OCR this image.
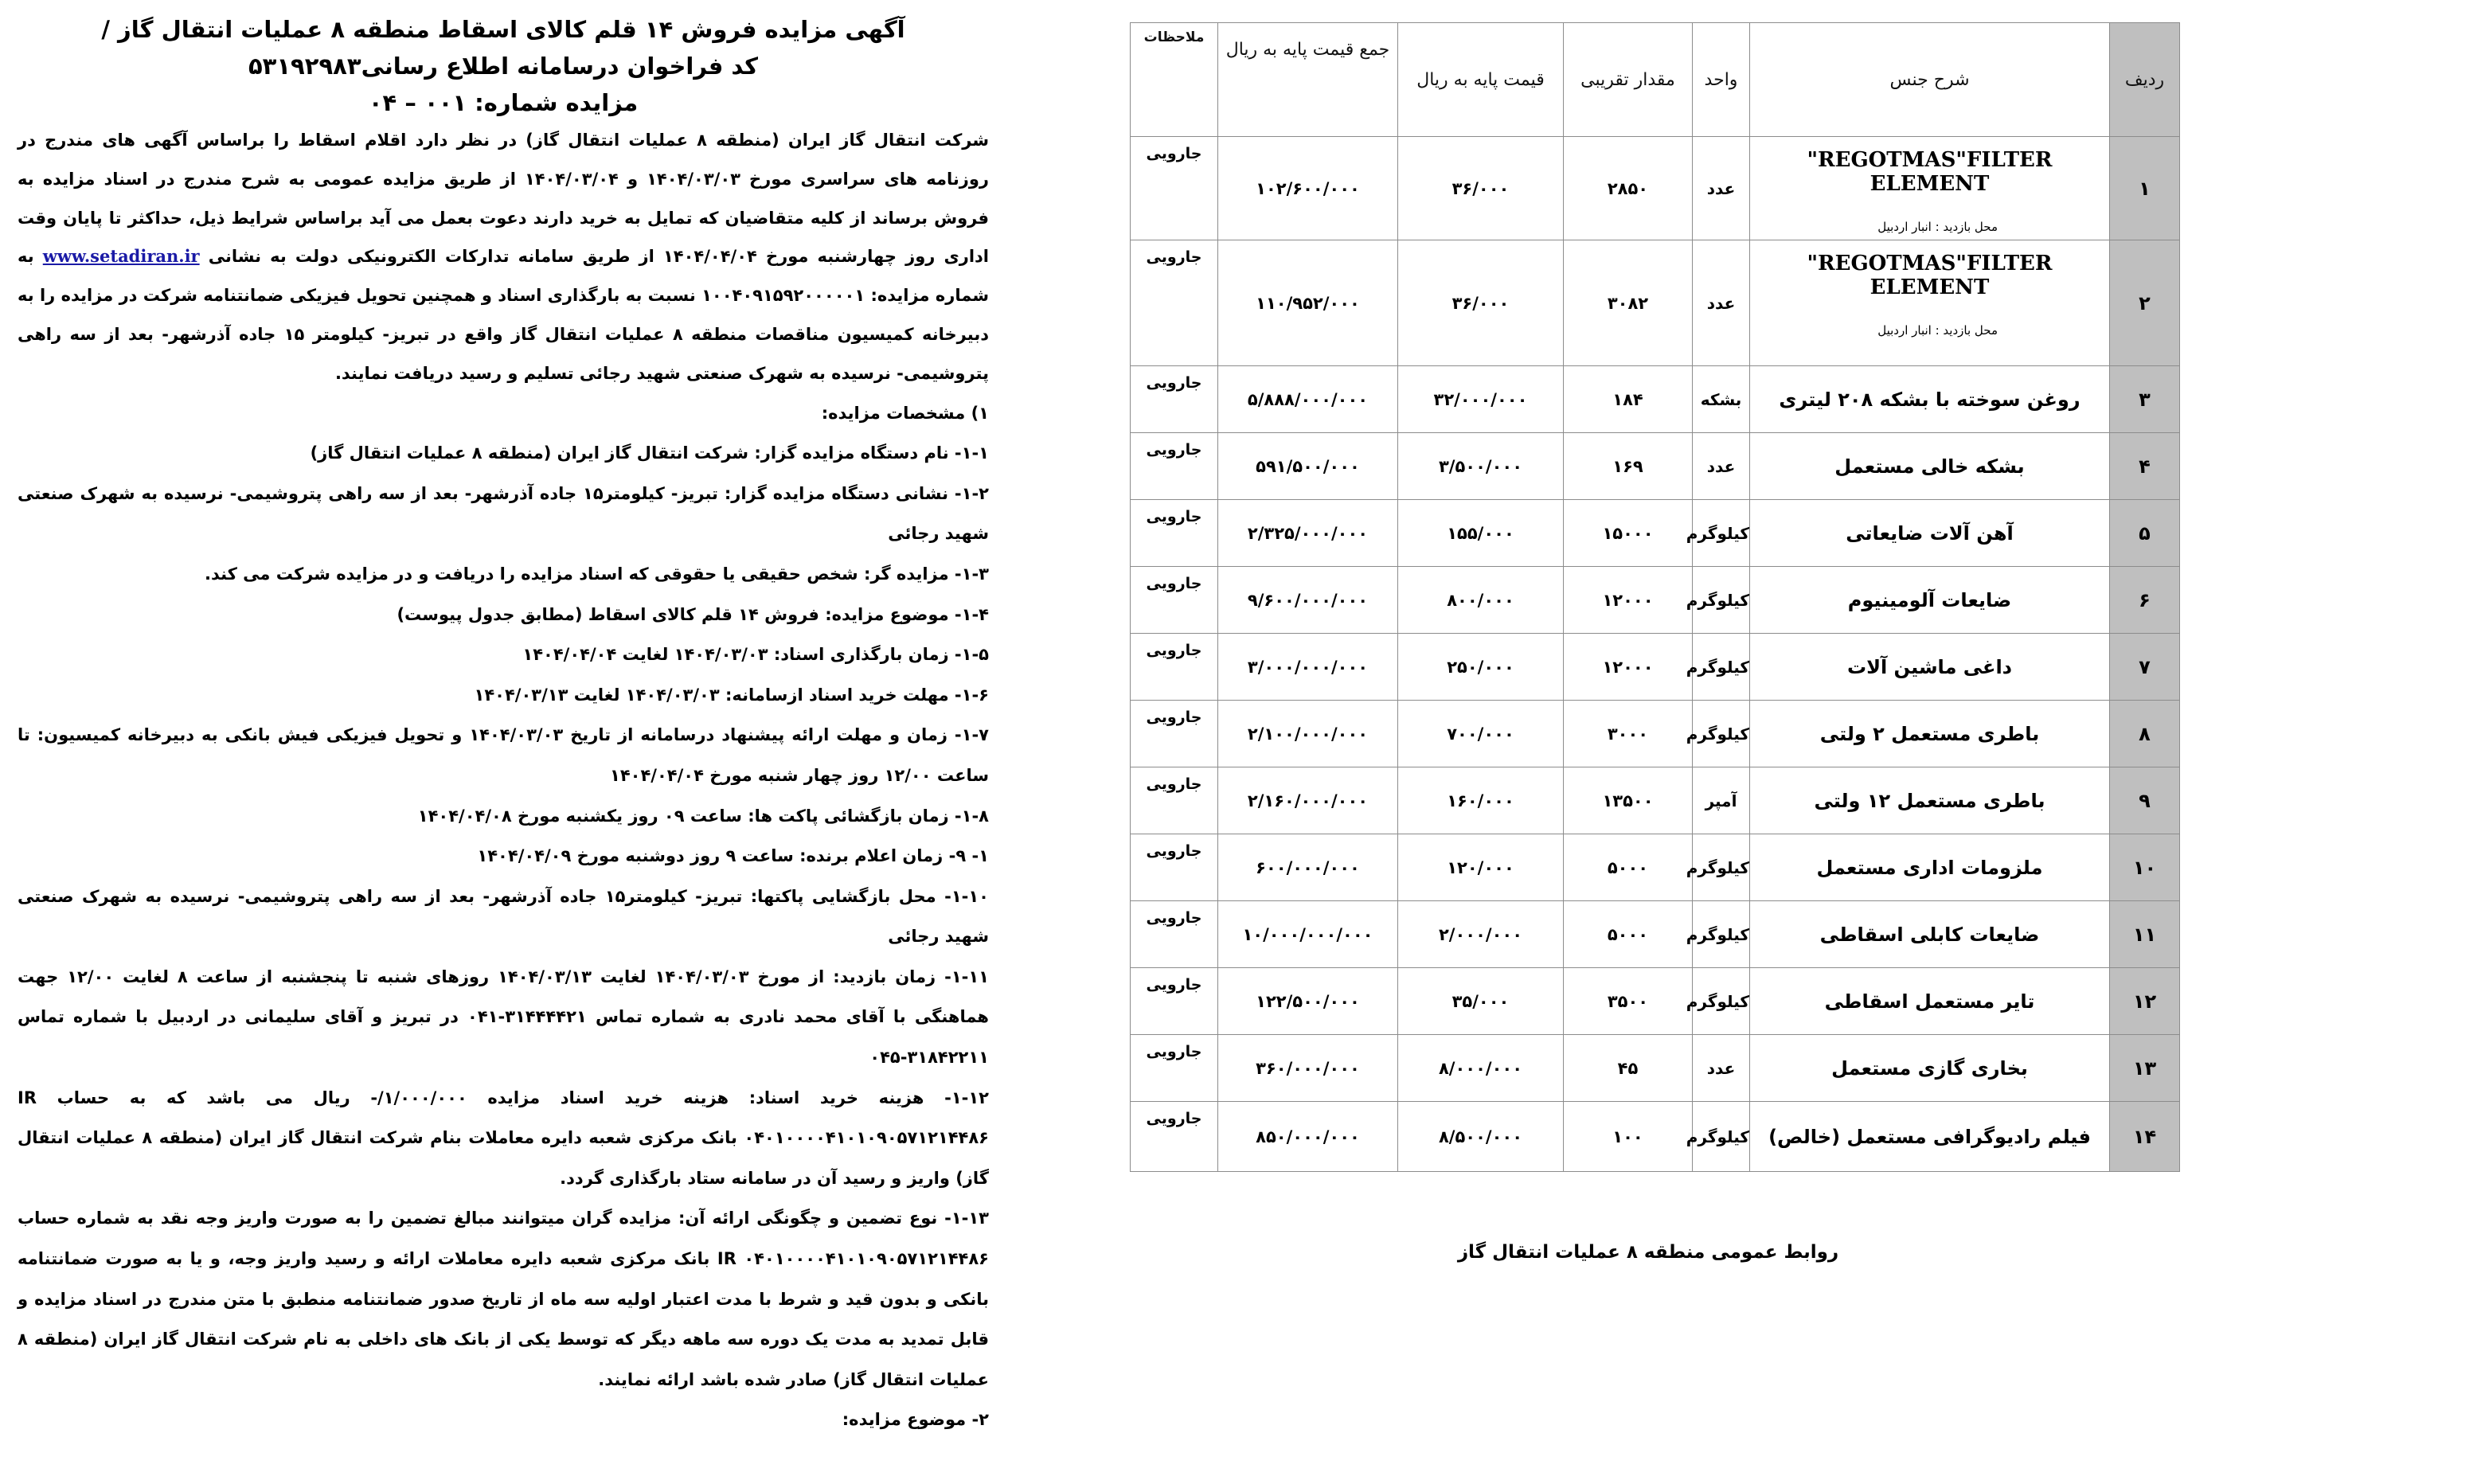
آگهی مزایده فروش ۱۴ قلم کالای اسقاط منطقه ۸ عملیات انتقال گاز /
کد فراخوان درسامانه اطلاع رسانی۵۳۱۹۲۹۸۳
مزایده شماره: ۰۰۱ – ۰۴

شرکت انتقال گاز ایران (منطقه ۸ عملیات انتقال گاز) در نظر دارد اقلام اسقاط را براساس آگهی های مندرج در روزنامه های سراسری مورخ ۱۴۰۴/۰۳/۰۳ و ۱۴۰۴/۰۳/۰۴ از طریق مزایده عمومی به شرح مندرج در اسناد مزایده به فروش برساند از کلیه متقاضیان که تمایل به خرید دارند دعوت بعمل می آید براساس شرایط ذیل، حداکثر تا پایان وقت اداری روز چهارشنبه مورخ ۱۴۰۴/۰۴/۰۴ از طریق سامانه تدارکات الکترونیکی دولت به نشانی www.setadiran.ir به شماره مزایده: ۱۰۰۴۰۹۱۵۹۲۰۰۰۰۰۱ نسبت به بارگذاری اسناد و همچنین تحویل فیزیکی ضمانتنامه شرکت در مزایده را به دبیرخانه کمیسیون مناقصات منطقه ۸ عملیات انتقال گاز واقع در تبریز- کیلومتر ۱۵ جاده آذرشهر- بعد از سه راهی پتروشیمی- نرسیده به شهرک صنعتی شهید رجائی تسلیم و رسید دریافت نمایند.

۱) مشخصات مزایده:

۱-۱- نام دستگاه مزایده گزار: شرکت انتقال گاز ایران (منطقه ۸ عملیات انتقال گاز)

۱-۲- نشانی دستگاه مزایده گزار: تبریز- کیلومتر۱۵ جاده آذرشهر- بعد از سه راهی پتروشیمی- نرسیده به شهرک صنعتی شهید رجائی

۱-۳- مزایده گر: شخص حقیقی یا حقوقی که اسناد مزایده را دریافت و در مزایده شرکت می کند.

۱-۴- موضوع مزایده: فروش ۱۴ قلم کالای اسقاط (مطابق جدول پیوست)

۱-۵- زمان بارگذاری اسناد: ۱۴۰۴/۰۳/۰۳ لغایت ۱۴۰۴/۰۴/۰۴

۱-۶- مهلت خرید اسناد ازسامانه: ۱۴۰۴/۰۳/۰۳ لغایت ۱۴۰۴/۰۳/۱۳

۱-۷- زمان و مهلت ارائه پیشنهاد درسامانه از تاریخ ۱۴۰۴/۰۳/۰۳ و تحویل فیزیکی فیش بانکی به دبیرخانه کمیسیون: تا ساعت ۱۲/۰۰ روز چهار شنبه مورخ ۱۴۰۴/۰۴/۰۴

۱-۸- زمان بازگشائی پاکت ها: ساعت ۰۹ روز یکشنبه مورخ ۱۴۰۴/۰۴/۰۸

۱- ۹- زمان اعلام برنده: ساعت ۹ روز دوشنبه مورخ ۱۴۰۴/۰۴/۰۹

۱-۱۰- محل بازگشایی پاکتها: تبریز- کیلومتر۱۵ جاده آذرشهر- بعد از سه راهی پتروشیمی- نرسیده به شهرک صنعتی شهید رجائی

۱-۱۱- زمان بازدید: از مورخ ۱۴۰۴/۰۳/۰۳ لغایت ۱۴۰۴/۰۳/۱۳ روزهای شنبه تا پنجشنبه از ساعت ۸ لغایت ۱۲/۰۰ جهت هماهنگی با آقای محمد نادری به شماره تماس ۳۱۴۴۴۴۲۱-۰۴۱ در تبریز و آقای سلیمانی در اردبیل با شماره تماس ۳۱۸۴۲۲۱۱-۰۴۵

۱-۱۲- هزینه خرید اسناد: هزینه خرید اسناد مزایده ۱/۰۰۰/۰۰۰/- ریال می باشد که به حساب IR ۰۴۰۱۰۰۰۰۴۱۰۱۰۹۰۵۷۱۲۱۴۴۸۶ بانک مرکزی شعبه دایره معاملات بنام شرکت انتقال گاز ایران (منطقه ۸ عملیات انتقال گاز) واریز و رسید آن در سامانه ستاد بارگذاری گردد.

۱-۱۳- نوع تضمین و چگونگی ارائه آن: مزایده گران میتوانند مبالغ تضمین را به صورت واریز وجه نقد به شماره حساب IR ۰۴۰۱۰۰۰۰۴۱۰۱۰۹۰۵۷۱۲۱۴۴۸۶ بانک مرکزی شعبه دایره معاملات ارائه و رسید واریز وجه، و یا به صورت ضمانتنامه بانکی و بدون قید و شرط با مدت اعتبار اولیه سه ماه از تاریخ صدور ضمانتنامه منطبق با متن مندرج در اسناد مزایده و قابل تمدید به مدت یک دوره سه ماهه دیگر که توسط یکی از بانک های داخلی به نام شرکت انتقال گاز ایران (منطقه ۸ عملیات انتقال گاز) صادر شده باشد ارائه نمایند.

۲- موضوع مزایده:

ردیف	شرح جنس	واحد	مقدار تقریبی	قیمت پایه به ریال	جمع قیمت پایه به ریال	ملاحظات
۱	"REGOTMAS"FILTER ELEMENT
محل بازدید : انبار اردبیل	عدد	۲۸۵۰	۳۶/۰۰۰	۱۰۲/۶۰۰/۰۰۰	جارویی
۲	"REGOTMAS"FILTER ELEMENT
محل بازدید : انبار اردبیل	عدد	۳۰۸۲	۳۶/۰۰۰	۱۱۰/۹۵۲/۰۰۰	جارویی
۳	روغن سوخته با بشکه ۲۰۸ لیتری	بشکه	۱۸۴	۳۲/۰۰۰/۰۰۰	۵/۸۸۸/۰۰۰/۰۰۰	جارویی
۴	بشکه خالی مستعمل	عدد	۱۶۹	۳/۵۰۰/۰۰۰	۵۹۱/۵۰۰/۰۰۰	جارویی
۵	آهن آلات ضایعاتی	کیلوگرم	۱۵۰۰۰	۱۵۵/۰۰۰	۲/۳۲۵/۰۰۰/۰۰۰	جارویی
۶	ضایعات آلومینیوم	کیلوگرم	۱۲۰۰۰	۸۰۰/۰۰۰	۹/۶۰۰/۰۰۰/۰۰۰	جارویی
۷	داغی ماشین آلات	کیلوگرم	۱۲۰۰۰	۲۵۰/۰۰۰	۳/۰۰۰/۰۰۰/۰۰۰	جارویی
۸	باطری مستعمل ۲ ولتی	کیلوگرم	۳۰۰۰	۷۰۰/۰۰۰	۲/۱۰۰/۰۰۰/۰۰۰	جارویی
۹	باطری مستعمل ۱۲ ولتی	آمپر	۱۳۵۰۰	۱۶۰/۰۰۰	۲/۱۶۰/۰۰۰/۰۰۰	جارویی
۱۰	ملزومات اداری مستعمل	کیلوگرم	۵۰۰۰	۱۲۰/۰۰۰	۶۰۰/۰۰۰/۰۰۰	جارویی
۱۱	ضایعات کابلی اسقاطی	کیلوگرم	۵۰۰۰	۲/۰۰۰/۰۰۰	۱۰/۰۰۰/۰۰۰/۰۰۰	جارویی
۱۲	تایر مستعمل اسقاطی	کیلوگرم	۳۵۰۰	۳۵/۰۰۰	۱۲۲/۵۰۰/۰۰۰	جارویی
۱۳	بخاری گازی مستعمل	عدد	۴۵	۸/۰۰۰/۰۰۰	۳۶۰/۰۰۰/۰۰۰	جارویی
۱۴	فیلم رادیوگرافی مستعمل (خالص)	کیلوگرم	۱۰۰	۸/۵۰۰/۰۰۰	۸۵۰/۰۰۰/۰۰۰	جارویی

روابط عمومی منطقه ۸ عملیات انتقال گاز
